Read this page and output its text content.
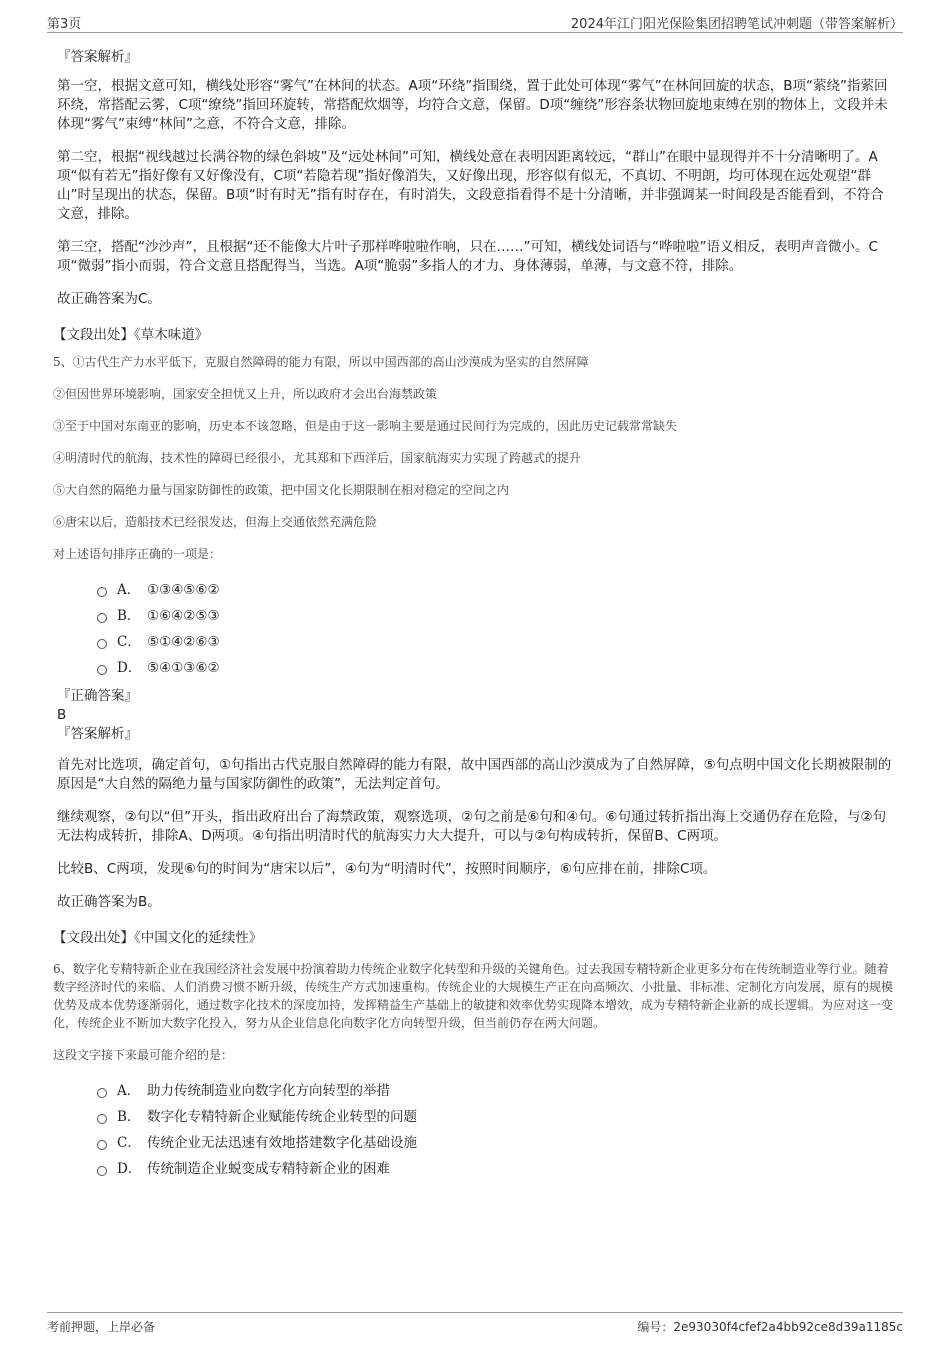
第3页	2024年江门阳光保险集团招聘笔试冲刺题（带答案解析）
『答案解析』

第一空，根据文意可知，横线处形容“雾气”在林间的状态。A项“环绕”指围绕，置于此处可体现“雾气”在林间回旋的状态，B项“萦绕”指萦回环绕，常搭配云雾，C项“缭绕”指回环旋转，常搭配炊烟等，均符合文意，保留。D项“缠绕”形容条状物回旋地束缚在别的物体上，文段并未体现“雾气”束缚“林间”之意，不符合文意，排除。

第二空，根据“视线越过长满谷物的绿色斜坡”及“远处林间”可知，横线处意在表明因距离较远，“群山”在眼中显现得并不十分清晰明了。A项“似有若无”指好像有又好像没有，C项“若隐若现”指好像消失，又好像出现，形容似有似无，不真切、不明朗，均可体现在远处观望“群山”时呈现出的状态，保留。B项“时有时无”指有时存在，有时消失，文段意指看得不是十分清晰，并非强调某一时间段是否能看到，不符合文意，排除。

第三空，搭配“沙沙声”，且根据“还不能像大片叶子那样哗啦啦作响，只在……”可知，横线处词语与“哗啦啦”语义相反，表明声音微小。C项“微弱”指小而弱，符合文意且搭配得当，当选。A项“脆弱”多指人的才力、身体薄弱，单薄，与文意不符，排除。

故正确答案为C。

【文段出处】《草木味道》

5、①古代生产力水平低下，克服自然障碍的能力有限，所以中国西部的高山沙漠成为坚实的自然屏障

②但因世界环境影响，国家安全担忧又上升，所以政府才会出台海禁政策

③至于中国对东南亚的影响，历史本不该忽略，但是由于这一影响主要是通过民间行为完成的，因此历史记载常常缺失

④明清时代的航海，技术性的障碍已经很小，尤其郑和下西洋后，国家航海实力实现了跨越式的提升

⑤大自然的隔绝力量与国家防御性的政策，把中国文化长期限制在相对稳定的空间之内

⑥唐宋以后，造船技术已经很发达，但海上交通依然充满危险

对上述语句排序正确的一项是：

A． ①③④⑤⑥②
B． ①⑥④②⑤③
C． ⑤①④②⑥③
D． ⑤④①③⑥②

『正确答案』

B

『答案解析』

首先对比选项，确定首句，①句指出古代克服自然障碍的能力有限，故中国西部的高山沙漠成为了自然屏障，⑤句点明中国文化长期被限制的原因是“大自然的隔绝力量与国家防御性的政策”，无法判定首句。

继续观察，②句以“但”开头，指出政府出台了海禁政策，观察选项，②句之前是⑥句和④句。⑥句通过转折指出海上交通仍存在危险，与②句无法构成转折，排除A、D两项。④句指出明清时代的航海实力大大提升，可以与②句构成转折，保留B、C两项。

比较B、C两项，发现⑥句的时间为“唐宋以后”，④句为“明清时代”，按照时间顺序，⑥句应排在前，排除C项。

故正确答案为B。

【文段出处】《中国文化的延续性》

6、数字化专精特新企业在我国经济社会发展中扮演着助力传统企业数字化转型和升级的关键角色。过去我国专精特新企业更多分布在传统制造业等行业。随着数字经济时代的来临、人们消费习惯不断升级，传统生产方式加速重构。传统企业的大规模生产正在向高频次、小批量、非标准、定制化方向发展，原有的规模优势及成本优势逐渐弱化，通过数字化技术的深度加持，发挥精益生产基础上的敏捷和效率优势实现降本增效，成为专精特新企业新的成长逻辑。为应对这一变化，传统企业不断加大数字化投入，努力从企业信息化向数字化方向转型升级，但当前仍存在两大问题。

这段文字接下来最可能介绍的是：

A． 助力传统制造业向数字化方向转型的举措
B． 数字化专精特新企业赋能传统企业转型的问题
C． 传统企业无法迅速有效地搭建数字化基础设施
D． 传统制造企业蜕变成专精特新企业的困难
考前押题，上岸必备	编号：2e93030f4cfef2a4bb92ce8d39a1185c
